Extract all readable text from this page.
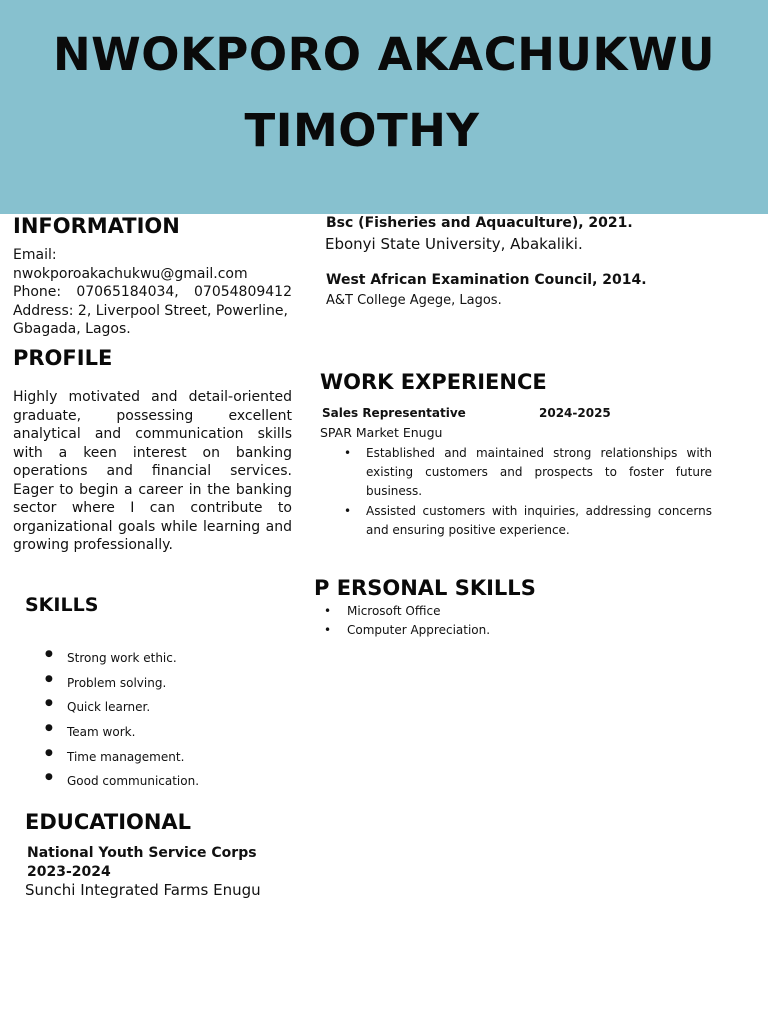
NWOKPORO AKACHUKWU
TIMOTHY
INFORMATION

Email:  nwokporoakachukwu@gmail.com

Phone: 07065184034, 07054809412

Address: 2, Liverpool Street, Powerline,

Gbagada, Lagos.

PROFILE

Highly motivated and detail-oriented graduate, possessing excellent analytical and communication skills with a keen interest on banking operations and financial services. Eager to begin a career in the banking sector where I can contribute to organizational goals while learning and growing professionally.

SKILLS
● Strong work ethic.
● Problem solving.
● Quick learner.
● Team work.
● Time management.
● Good communication.
EDUCATIONAL

National Youth Service Corps

2023-2024

Sunchi Integrated Farms Enugu

Bsc (Fisheries and Aquaculture), 2021.

Ebonyi State University, Abakaliki.

West African Examination Council, 2014.

A&T College Agege, Lagos.

WORK EXPERIENCE
Sales Representative	2024-2025

SPAR Market Enugu

• Established and maintained strong relationships with existing customers and prospects to foster future business.
• Assisted customers with inquiries, addressing concerns and ensuring positive experience.
P ERSONAL SKILLS
• Microsoft Office
• Computer Appreciation.
